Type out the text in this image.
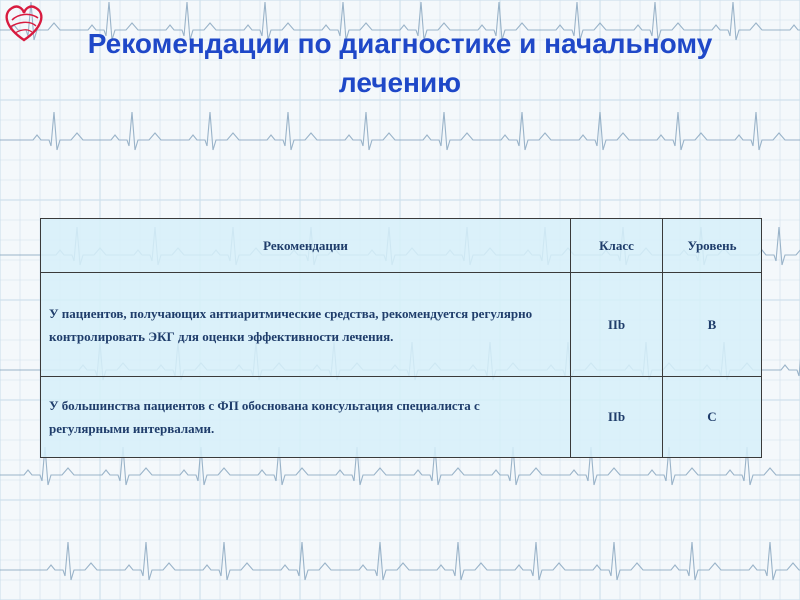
Рекомендации по диагностике и начальному лечению
Рекомендации	Класс	Уровень
У пациентов, получающих антиаритмические средства, рекомендуется регулярно контролировать ЭКГ для оценки эффективности лечения.	IIb	B
У большинства пациентов с ФП обоснована консультация специалиста с регулярными интервалами.	IIb	C
